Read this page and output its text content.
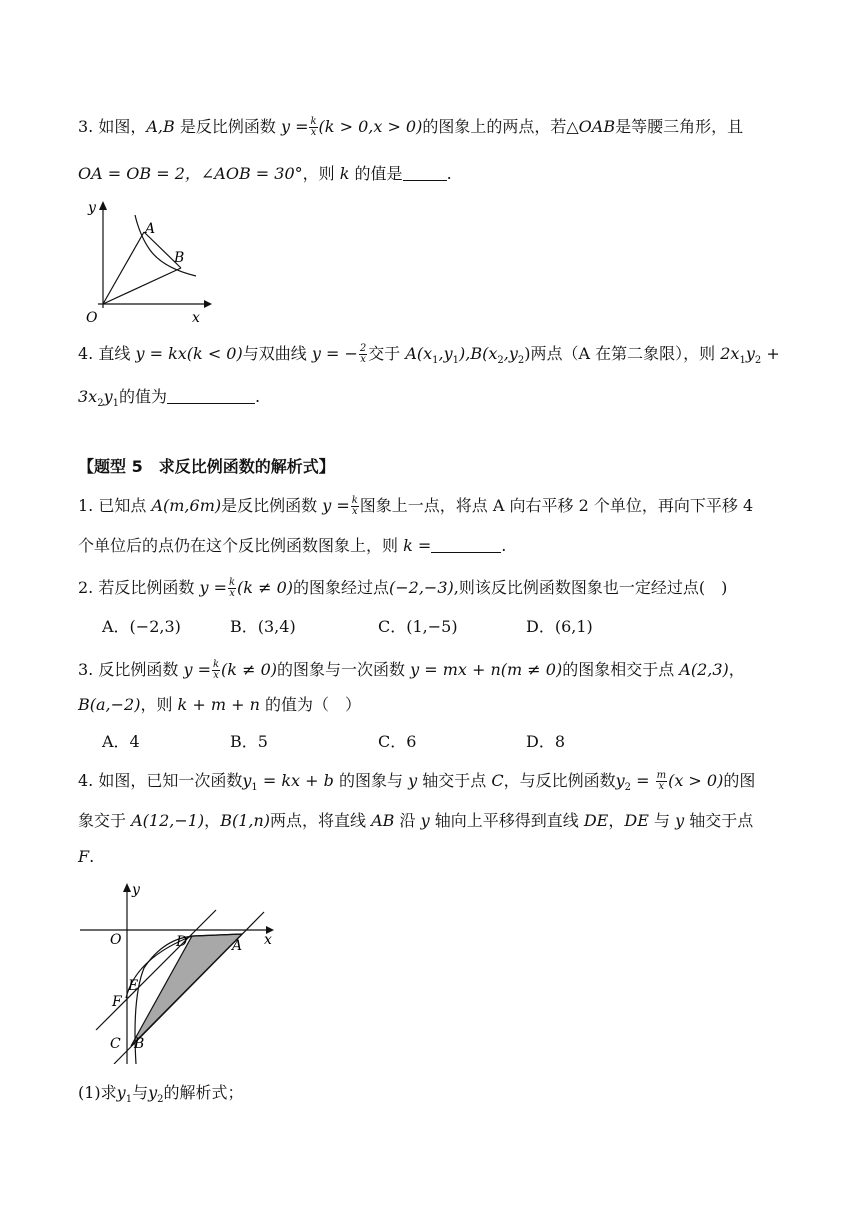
3. 如图，A,B 是反比例函数 $y = \frac{k}{x} (k > 0,x > 0)$的图象上的两点，若△OAB是等腰三角形，且
OA = OB = 2，∠AOB = 30°，则 k 的值是	.
y
A
B
O	x
4. 直线 y = kx(k < 0)与双曲线 y = − $\frac{2}{x}$ 交于 $A(x_1,y_1),B(x_2,y_2)$两点（A 在第二象限），则 $2x_1y_2$ +
$3x_2y_1$的值为	.
【题型 5　求反比例函数的解析式】
1. 已知点 A(m,6m)是反比例函数 $y = \frac{k}{x}$ 图象上一点，将点 A 向右平移 2 个单位，再向下平移 4
个单位后的点仍在这个反比例函数图象上，则 k =	.
2. 若反比例函数 $y = \frac{k}{x} (k \ne 0)$的图象经过点(−2,−3),则该反比例函数图象也一定经过点(　)
A．(−2,3)	B．(3,4)	C．(1,−5)	D．(6,1)
3. 反比例函数 $y = \frac{k}{x} (k \ne 0)$的图象与一次函数 y = mx + n(m ≠ 0)的图象相交于点 A(2,3)，
B(a,−2)，则 k + m + n 的值为（　）
A．4	B．5	C．6	D．8
4. 如图，已知一次函数$y_1$ = kx + b 的图象与 y 轴交于点 C，与反比例函数$y_2 = \frac{m}{x} (x > 0)$的图
象交于 A(12,−1)，B(1,n)两点，将直线 AB 沿 y 轴向上平移得到直线 DE，DE 与 y 轴交于点
F.
y
x
O	D	A
E
F
C B
(1)求$y_1$与$y_2$的解析式；
